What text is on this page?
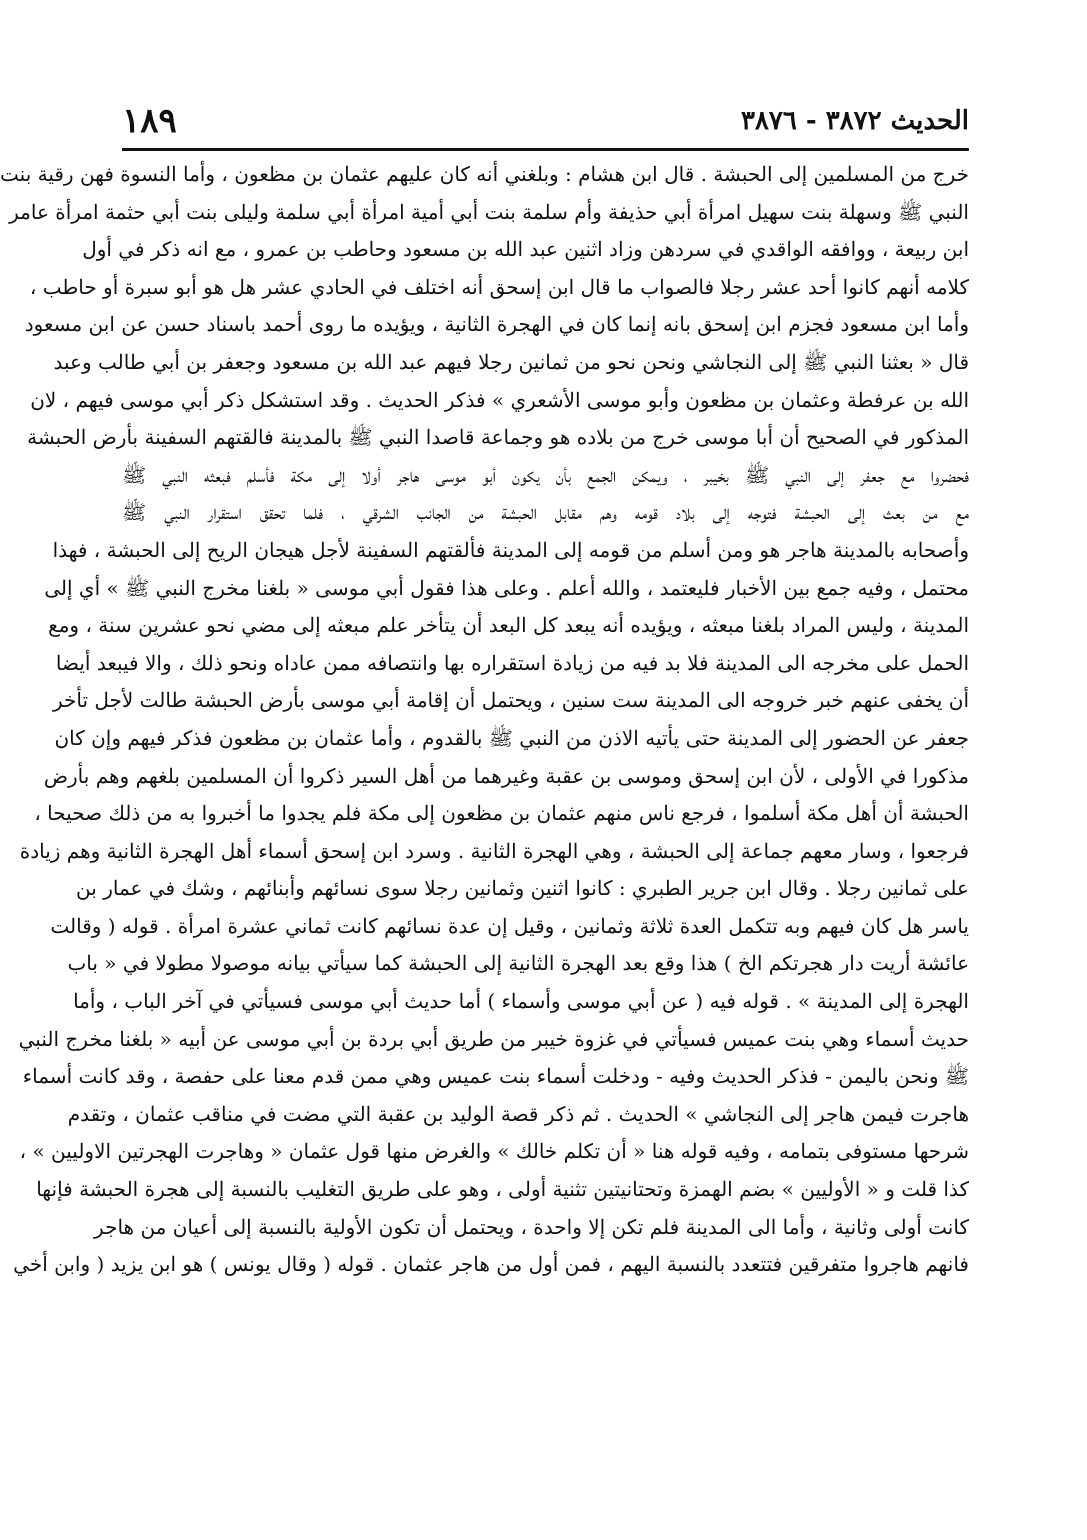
الحديث ٣٨٧٢ - ٣٨٧٦
١٨٩
خرج من المسلمين إلى الحبشة . قال ابن هشام : وبلغني أنه كان عليهم عثمان بن مظعون ، وأما النسوة فهن رقية بنت
النبي ﷺ وسهلة بنت سهيل امرأة أبي حذيفة وأم سلمة بنت أبي أمية امرأة أبي سلمة وليلى بنت أبي حثمة امرأة عامر
ابن ربيعة ، ووافقه الواقدي في سردهن وزاد اثنين عبد الله بن مسعود وحاطب بن عمرو ، مع انه ذكر في أول
كلامه أنهم كانوا أحد عشر رجلا فالصواب ما قال ابن إسحق أنه اختلف في الحادي عشر هل هو أبو سبرة أو حاطب ،
وأما ابن مسعود فجزم ابن إسحق بانه إنما كان في الهجرة الثانية ، ويؤيده ما روى أحمد باسناد حسن عن ابن مسعود
قال « بعثنا النبي ﷺ إلى النجاشي ونحن نحو من ثمانين رجلا فيهم عبد الله بن مسعود وجعفر بن أبي طالب وعبد
الله بن عرفطة وعثمان بن مظعون وأبو موسى الأشعري » فذكر الحديث . وقد استشكل ذكر أبي موسى فيهم ، لان
المذكور في الصحيح أن أبا موسى خرج من بلاده هو وجماعة قاصدا النبي ﷺ بالمدينة فالقتهم السفينة بأرض الحبشة
فحضروا مع جعفر إلى النبي ﷺ بخيبر ، ويمكن الجمع بأن يكون أبو موسى هاجر أولا إلى مكة فأسلم فبعثه النبي ﷺ
مع من بعث إلى الحبشة فتوجه إلى بلاد قومه وهم مقابل الحبشة من الجانب الشرقي ، فلما تحقق استقرار النبي ﷺ
وأصحابه بالمدينة هاجر هو ومن أسلم من قومه إلى المدينة فألقتهم السفينة لأجل هيجان الريح إلى الحبشة ، فهذا
محتمل ، وفيه جمع بين الأخبار فليعتمد ، والله أعلم . وعلى هذا فقول أبي موسى « بلغنا مخرج النبي ﷺ » أي إلى
المدينة ، وليس المراد بلغنا مبعثه ، ويؤيده أنه يبعد كل البعد أن يتأخر علم مبعثه إلى مضي نحو عشرين سنة ، ومع
الحمل على مخرجه الى المدينة فلا بد فيه من زيادة استقراره بها وانتصافه ممن عاداه ونحو ذلك ، والا فيبعد أيضا
أن يخفى عنهم خبر خروجه الى المدينة ست سنين ، ويحتمل أن إقامة أبي موسى بأرض الحبشة طالت لأجل تأخر
جعفر عن الحضور إلى المدينة حتى يأتيه الاذن من النبي ﷺ بالقدوم ، وأما عثمان بن مظعون فذكر فيهم وإن كان
مذكورا في الأولى ، لأن ابن إسحق وموسى بن عقبة وغيرهما من أهل السير ذكروا أن المسلمين بلغهم وهم بأرض
الحبشة أن أهل مكة أسلموا ، فرجع ناس منهم عثمان بن مظعون إلى مكة فلم يجدوا ما أخبروا به من ذلك صحيحا ،
فرجعوا ، وسار معهم جماعة إلى الحبشة ، وهي الهجرة الثانية . وسرد ابن إسحق أسماء أهل الهجرة الثانية وهم زيادة
على ثمانين رجلا . وقال ابن جرير الطبري : كانوا اثنين وثمانين رجلا سوى نسائهم وأبنائهم ، وشك في عمار بن
ياسر هل كان فيهم وبه تتكمل العدة ثلاثة وثمانين ، وقيل إن عدة نسائهم كانت ثماني عشرة امرأة . قوله ( وقالت
عائشة أريت دار هجرتكم الخ ) هذا وقع بعد الهجرة الثانية إلى الحبشة كما سيأتي بيانه موصولا مطولا في « باب
الهجرة إلى المدينة » . قوله فيه ( عن أبي موسى وأسماء ) أما حديث أبي موسى فسيأتي في آخر الباب ، وأما
حديث أسماء وهي بنت عميس فسيأتي في غزوة خيبر من طريق أبي بردة بن أبي موسى عن أبيه « بلغنا مخرج النبي
ﷺ ونحن باليمن - فذكر الحديث وفيه - ودخلت أسماء بنت عميس وهي ممن قدم معنا على حفصة ، وقد كانت أسماء
هاجرت فيمن هاجر إلى النجاشي » الحديث . ثم ذكر قصة الوليد بن عقبة التي مضت في مناقب عثمان ، وتقدم
شرحها مستوفى بتمامه ، وفيه قوله هنا « أن تكلم خالك » والغرض منها قول عثمان « وهاجرت الهجرتين الاوليين » ،
كذا قلت و « الأوليين » بضم الهمزة وتحتانيتين تثنية أولى ، وهو على طريق التغليب بالنسبة إلى هجرة الحبشة فإنها
كانت أولى وثانية ، وأما الى المدينة فلم تكن إلا واحدة ، ويحتمل أن تكون الأولية بالنسبة إلى أعيان من هاجر
فانهم هاجروا متفرقين فتتعدد بالنسبة اليهم ، فمن أول من هاجر عثمان . قوله ( وقال يونس ) هو ابن يزيد ( وابن أخي
